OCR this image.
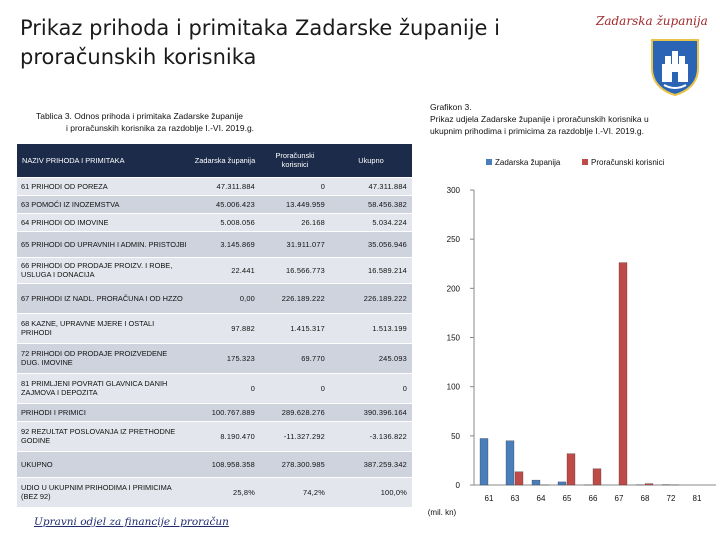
Prikaz prihoda i primitaka Zadarske županije i proračunskih korisnika
Zadarska županija
Tablica 3. Odnos prihoda i primitaka Zadarske županije
i proračunskih korisnika za razdoblje I.-VI. 2019.g.
Grafikon 3.
Prikaz udjela Zadarske županije i proračunskih korisnika u
ukupnim prihodima i primicima za razdoblje I.-VI. 2019.g.
NAZIV PRIHODA I PRIMITAKA	Zadarska županija	Proračunski korisnici	Ukupno
61 PRIHODI OD POREZA	47.311.884	0	47.311.884
63 POMOĆI IZ INOZEMSTVA	45.006.423	13.449.959	58.456.382
64 PRIHODI OD IMOVINE	5.008.056	26.168	5.034.224
65 PRIHODI OD UPRAVNIH I ADMIN. PRISTOJBI	3.145.869	31.911.077	35.056.946
66 PRIHODI OD PRODAJE PROIZV. I ROBE, USLUGA I DONACIJA	22.441	16.566.773	16.589.214
67 PRIHODI IZ NADL. PRORAČUNA I OD HZZO	0,00	226.189.222	226.189.222
68 KAZNE, UPRAVNE MJERE I OSTALI PRIHODI	97.882	1.415.317	1.513.199
72 PRIHODI OD PRODAJE PROIZVEDENE DUG. IMOVINE	175.323	69.770	245.093
81 PRIMLJENI POVRATI GLAVNICA DANIH ZAJMOVA I DEPOZITA	0	0	0
PRIHODI I PRIMICI	100.767.889	289.628.276	390.396.164
92 REZULTAT POSLOVANJA IZ PRETHODNE GODINE	8.190.470	-11.327.292	-3.136.822
UKUPNO	108.958.358	278.300.985	387.259.342
UDIO U UKUPNIM PRIHODIMA I PRIMICIMA (BEZ 92)	25,8%	74,2%	100,0%
0
50
100
150
200
250
300
61 63 64 65 66 67 68 72 81
(mil. kn)
Zadarska županija	Proračunski korisnici
Upravni odjel za financije i proračun
